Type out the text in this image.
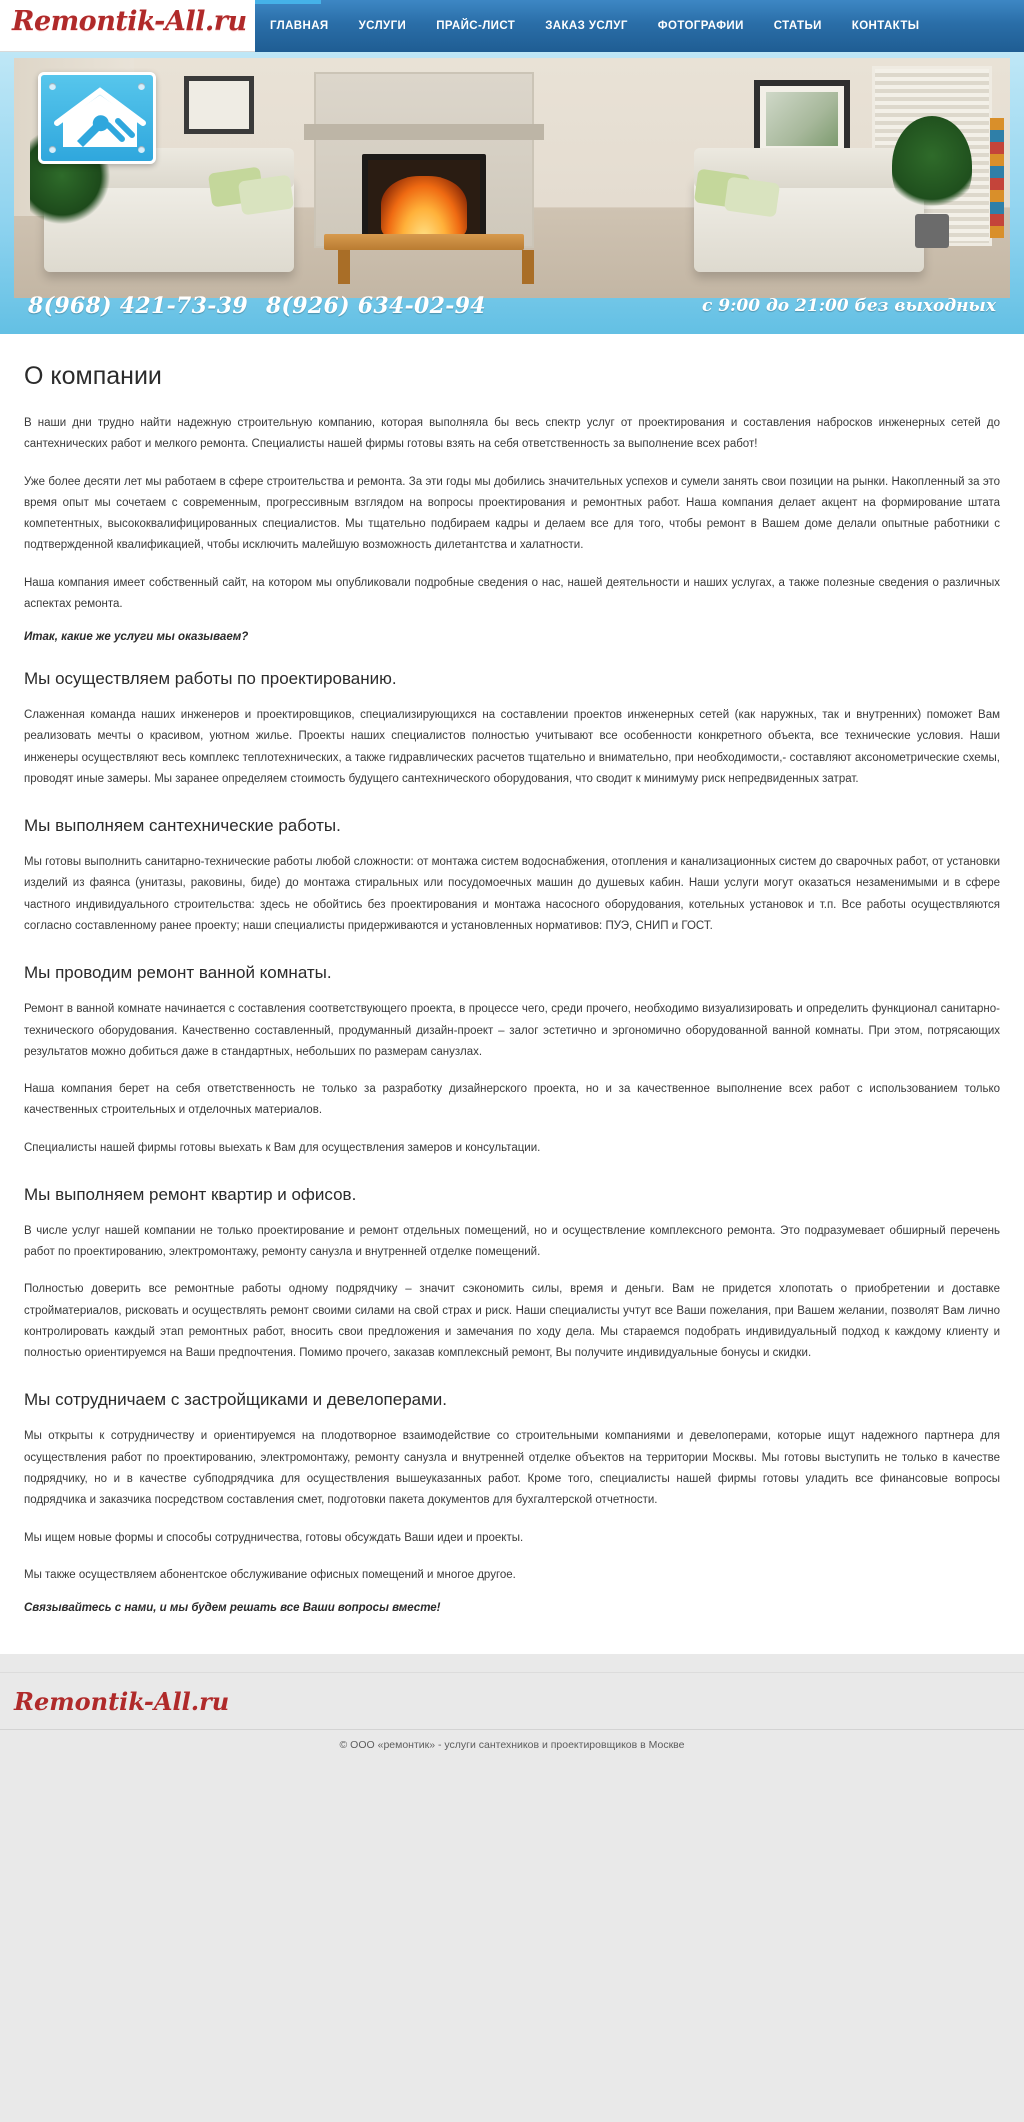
Remontik-All.ru	ГЛАВНАЯ	УСЛУГИ	ПРАЙС-ЛИСТ	ЗАКАЗ УСЛУГ	ФОТОГРАФИИ	СТАТЬИ	КОНТАКТЫ
8(968) 421-73-39 8(926) 634-02-94	с 9:00 до 21:00 без выходных
О компании

В наши дни трудно найти надежную строительную компанию, которая выполняла бы весь спектр услуг от проектирования и составления набросков инженерных сетей до сантехнических работ и мелкого ремонта. Специалисты нашей фирмы готовы взять на себя ответственность за выполнение всех работ!

Уже более десяти лет мы работаем в сфере строительства и ремонта. За эти годы мы добились значительных успехов и сумели занять свои позиции на рынки. Накопленный за это время опыт мы сочетаем с современным, прогрессивным взглядом на вопросы проектирования и ремонтных работ. Наша компания делает акцент на формирование штата компетентных, высококвалифицированных специалистов. Мы тщательно подбираем кадры и делаем все для того, чтобы ремонт в Вашем доме делали опытные работники с подтвержденной квалификацией, чтобы исключить малейшую возможность дилетантства и халатности.

Наша компания имеет собственный сайт, на котором мы опубликовали подробные сведения о нас, нашей деятельности и наших услугах, а также полезные сведения о различных аспектах ремонта.

Итак, какие же услуги мы оказываем?

Мы осуществляем работы по проектированию.

Слаженная команда наших инженеров и проектировщиков, специализирующихся на составлении проектов инженерных сетей (как наружных, так и внутренних) поможет Вам реализовать мечты о красивом, уютном жилье. Проекты наших специалистов полностью учитывают все особенности конкретного объекта, все технические условия. Наши инженеры осуществляют весь комплекс теплотехнических, а также гидравлических расчетов тщательно и внимательно, при необходимости,- составляют аксонометрические схемы, проводят иные замеры. Мы заранее определяем стоимость будущего сантехнического оборудования, что сводит к минимуму риск непредвиденных затрат.

Мы выполняем сантехнические работы.

Мы готовы выполнить санитарно-технические работы любой сложности: от монтажа систем водоснабжения, отопления и канализационных систем до сварочных работ, от установки изделий из фаянса (унитазы, раковины, биде) до монтажа стиральных или посудомоечных машин до душевых кабин. Наши услуги могут оказаться незаменимыми и в сфере частного индивидуального строительства: здесь не обойтись без проектирования и монтажа насосного оборудования, котельных установок и т.п. Все работы осуществляются согласно составленному ранее проекту; наши специалисты придерживаются и установленных нормативов: ПУЭ, СНИП и ГОСТ.

Мы проводим ремонт ванной комнаты.

Ремонт в ванной комнате начинается с составления соответствующего проекта, в процессе чего, среди прочего, необходимо визуализировать и определить функционал санитарно-технического оборудования. Качественно составленный, продуманный дизайн-проект – залог эстетично и эргономично оборудованной ванной комнаты. При этом, потрясающих результатов можно добиться даже в стандартных, небольших по размерам санузлах.

Наша компания берет на себя ответственность не только за разработку дизайнерского проекта, но и за качественное выполнение всех работ с использованием только качественных строительных и отделочных материалов.

Специалисты нашей фирмы готовы выехать к Вам для осуществления замеров и консультации.

Мы выполняем ремонт квартир и офисов.

В числе услуг нашей компании не только проектирование и ремонт отдельных помещений, но и осуществление комплексного ремонта. Это подразумевает обширный перечень работ по проектированию, электромонтажу, ремонту санузла и внутренней отделке помещений.

Полностью доверить все ремонтные работы одному подрядчику – значит сэкономить силы, время и деньги. Вам не придется хлопотать о приобретении и доставке стройматериалов, рисковать и осуществлять ремонт своими силами на свой страх и риск. Наши специалисты учтут все Ваши пожелания, при Вашем желании, позволят Вам лично контролировать каждый этап ремонтных работ, вносить свои предложения и замечания по ходу дела. Мы стараемся подобрать индивидуальный подход к каждому клиенту и полностью ориентируемся на Ваши предпочтения. Помимо прочего, заказав комплексный ремонт, Вы получите индивидуальные бонусы и скидки.

Мы сотрудничаем с застройщиками и девелоперами.

Мы открыты к сотрудничеству и ориентируемся на плодотворное взаимодействие со строительными компаниями и девелоперами, которые ищут надежного партнера для осуществления работ по проектированию, электромонтажу, ремонту санузла и внутренней отделке объектов на территории Москвы. Мы готовы выступить не только в качестве подрядчику, но и в качестве субподрядчика для осуществления вышеуказанных работ. Кроме того, специалисты нашей фирмы готовы уладить все финансовые вопросы подрядчика и заказчика посредством составления смет, подготовки пакета документов для бухгалтерской отчетности.

Мы ищем новые формы и способы сотрудничества, готовы обсуждать Ваши идеи и проекты.

Мы также осуществляем абонентское обслуживание офисных помещений и многое другое.

Связывайтесь с нами, и мы будем решать все Ваши вопросы вместе!

Remontik-All.ru
© ООО «ремонтик» - услуги сантехников и проектировщиков в Москве
